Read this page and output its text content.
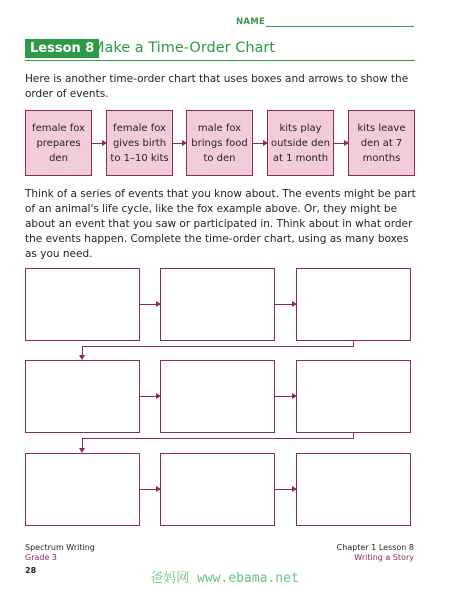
NAME
Lesson 8
Make a Time-Order Chart

Here is another time-order chart that uses boxes and arrows to show the order of events.

female fox prepares den
female fox gives birth to 1–10 kits
male fox brings food to den
kits play outside den at 1 month
kits leave den at 7 months

Think of a series of events that you know about. The events might be part of an animal's life cycle, like the fox example above. Or, they might be about an event that you saw or participated in. Think about in what order the events happen. Complete the time-order chart, using as many boxes as you need.

Spectrum Writing
Grade 3
28
Chapter 1 Lesson 8
Writing a Story
爸妈网 www.ebama.net
